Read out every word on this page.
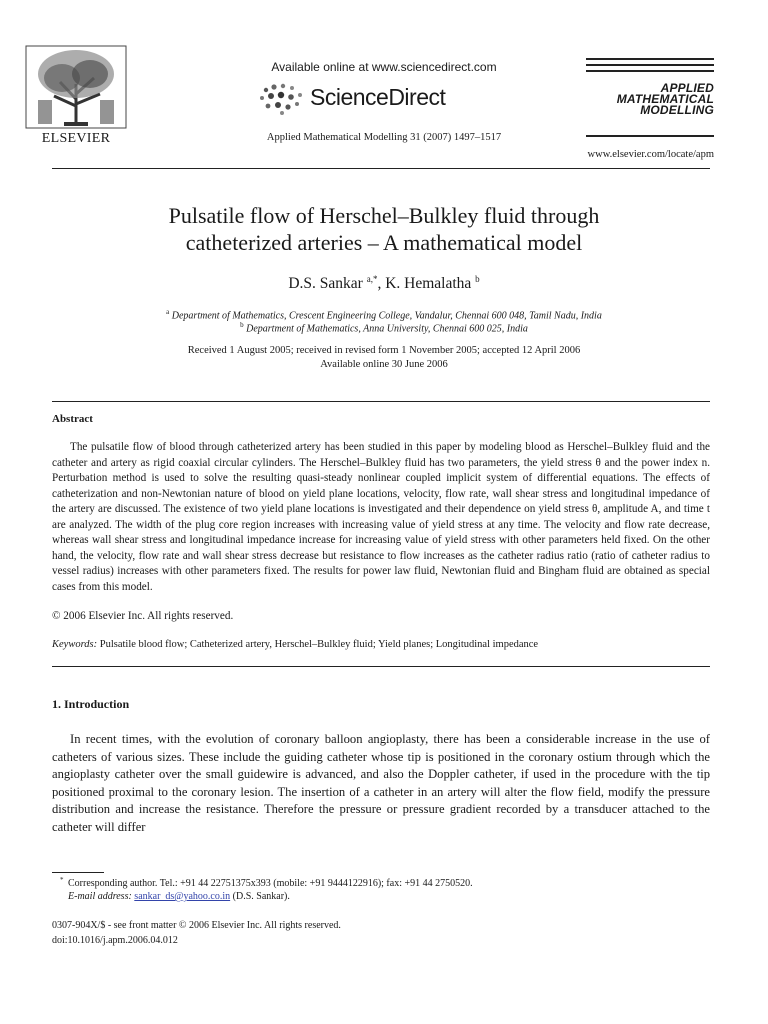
ELSEVIER
Available online at www.sciencedirect.com
ScienceDirect
Applied Mathematical Modelling 31 (2007) 1497–1517
APPLIED
MATHEMATICAL
MODELLING
www.elsevier.com/locate/apm
Pulsatile flow of Herschel–Bulkley fluid through
catheterized arteries – A mathematical model
D.S. Sankar $^{a,*}$, K. Hemalatha $^b$
$^a$ Department of Mathematics, Crescent Engineering College, Vandalur, Chennai 600 048, Tamil Nadu, India
$^b$ Department of Mathematics, Anna University, Chennai 600 025, India
Received 1 August 2005; received in revised form 1 November 2005; accepted 12 April 2006
Available online 30 June 2006
Abstract

The pulsatile flow of blood through catheterized artery has been studied in this paper by modeling blood as Herschel–Bulkley fluid and the catheter and artery as rigid coaxial circular cylinders. The Herschel–Bulkley fluid has two parameters, the yield stress θ and the power index n. Perturbation method is used to solve the resulting quasi-steady nonlinear coupled implicit system of differential equations. The effects of catheterization and non-Newtonian nature of blood on yield plane locations, velocity, flow rate, wall shear stress and longitudinal impedance of the artery are discussed. The existence of two yield plane locations is investigated and their dependence on yield stress θ, amplitude A, and time t are analyzed. The width of the plug core region increases with increasing value of yield stress at any time. The velocity and flow rate decrease, whereas wall shear stress and longitudinal impedance increase for increasing value of yield stress with other parameters held fixed. On the other hand, the velocity, flow rate and wall shear stress decrease but resistance to flow increases as the catheter radius ratio (ratio of catheter radius to vessel radius) increases with other parameters fixed. The results for power law fluid, Newtonian fluid and Bingham fluid are obtained as special cases from this model.

© 2006 Elsevier Inc. All rights reserved.
Keywords: Pulsatile blood flow; Catheterized artery, Herschel–Bulkley fluid; Yield planes; Longitudinal impedance
1. Introduction
In recent times, with the evolution of coronary balloon angioplasty, there has been a considerable increase in the use of catheters of various sizes. These include the guiding catheter whose tip is positioned in the coronary ostium through which the angioplasty catheter over the small guidewire is advanced, and also the Doppler catheter, if used in the procedure with the tip positioned proximal to the coronary lesion. The insertion of a catheter in an artery will alter the flow field, modify the pressure distribution and increase the resistance. Therefore the pressure or pressure gradient recorded by a transducer attached to the catheter will differ
* Corresponding author. Tel.: +91 44 22751375x393 (mobile: +91 9444122916); fax: +91 44 2750520.
E-mail address: sankar_ds@yahoo.co.in (D.S. Sankar).
0307-904X/$ - see front matter © 2006 Elsevier Inc. All rights reserved.
doi:10.1016/j.apm.2006.04.012
